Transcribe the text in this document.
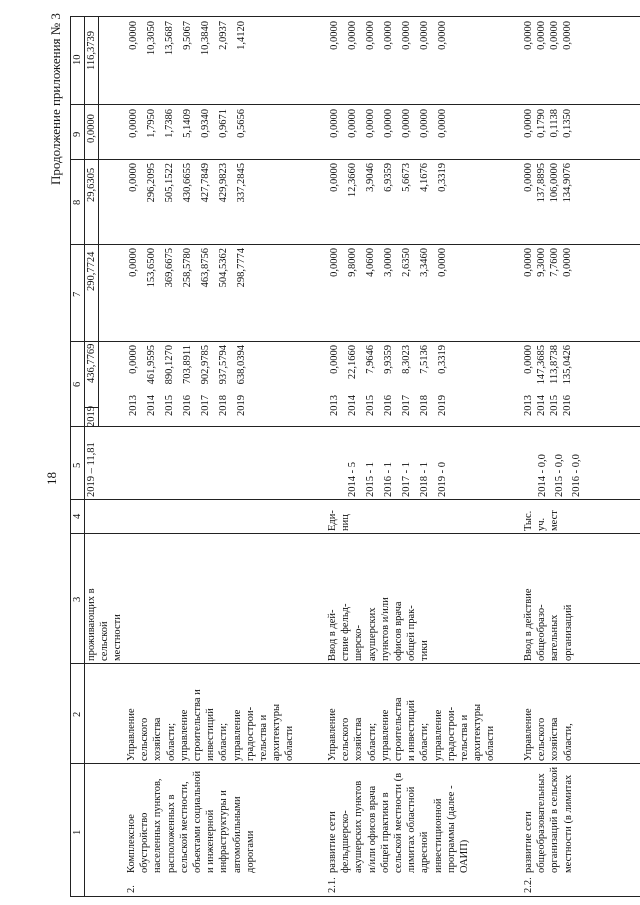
18
Продолжение приложения № 3
1
2
3
4
5
6
7
8
9
10
проживающих в
сельской
местности
2019 – 11,81
2019
436,7769
290,7724
29,6305
0,0000
116,3739
2.
Комплексное
обустройство
населенных пунктов,
расположенных в
сельской местности,
объектами социальной
и инженерной
инфраструктуры и
автомобильными
дорогами
Управление
сельского
хозяйства
области;
управление
строительства и
инвестиций
области;
управление
градострои-
тельства и
архитектуры
области
2013
2014
2015
2016
2017
2018
2019
0,0000
461,9595
890,1270
703,8911
902,9785
937,5794
638,0394
0,0000
153,6500
369,6675
258,5780
463,8756
504,5362
298,7774
0,0000
296,2095
505,1522
430,6655
427,7849
429,9823
337,2845
0,0000
1,7950
1,7386
5,1409
0,9340
0,9671
0,5656
0,0000
10,3050
13,5687
9,5067
10,3840
2,0937
1,4120
2.1.
развитие сети
фельдшерско-
акушерских пунктов
и/или офисов врача
общей практики в
сельской местности (в
лимитах областной
адресной
инвестиционной
программы (далее -
ОАИП)
Управление
сельского
хозяйства
области;
управление
строительства
и инвестиций
области;
управление
градострои-
тельства и
архитектуры
области
Ввод в дей-
ствие фельд-
шерско-
акушерских
пунктов и/или
офисов врача
общей прак-
тики
Еди-
ниц
2014 - 5
2015 - 1
2016 - 1
2017 - 1
2018 - 1
2019 - 0
2013
2014
2015
2016
2017
2018
2019
0,0000
22,1660
7,9646
9,9359
8,3023
7,5136
0,3319
0,0000
9,8000
4,0600
3,0000
2,6350
3,3460
0,0000
0,0000
12,3660
3,9046
6,9359
5,6673
4,1676
0,3319
0,0000
0,0000
0,0000
0,0000
0,0000
0,0000
0,0000
0,0000
0,0000
0,0000
0,0000
0,0000
0,0000
0,0000
2.2.
развитие сети
общеобразовательных
организаций в сельской
местности (в лимитах
Управление
сельского
хозяйства
области,
Ввод в действие
общеобразо-
вательных
организаций
Тыс.
уч.
мест
2014 - 0,0
2015 - 0,0
2016 - 0,0
2013
2014
2015
2016
0,0000
147,3685
113,8738
135,0426
0,0000
9,3000
7,7600
0,0000
0,0000
137,8895
106,0000
134,9076
0,0000
0,1790
0,1138
0,1350
0,0000
0,0000
0,0000
0,0000
